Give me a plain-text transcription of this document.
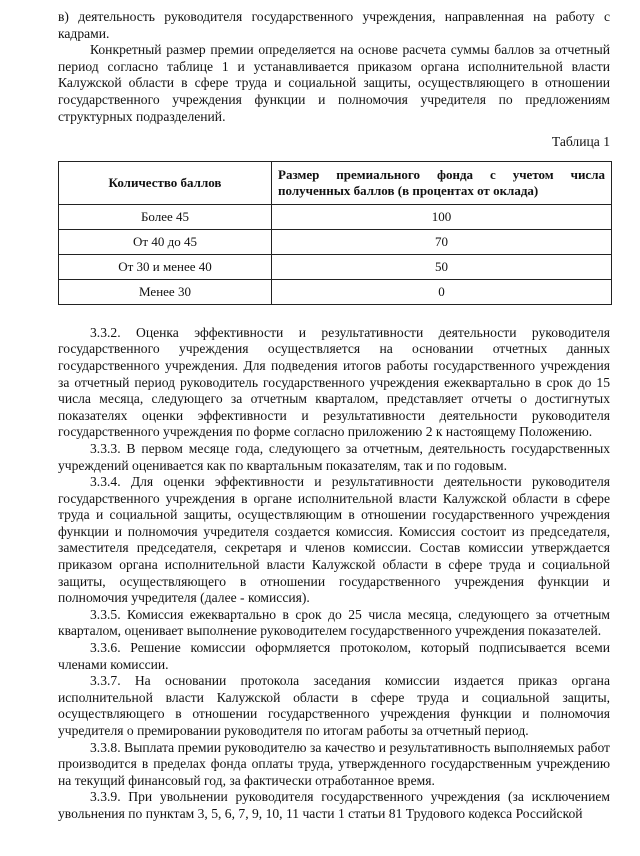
в) деятельность руководителя государственного учреждения, направленная на работу с кадрами.

Конкретный размер премии определяется на основе расчета суммы баллов за отчетный период согласно таблице 1 и устанавливается приказом органа исполнительной власти Калужской области в сфере труда и социальной защиты, осуществляющего в отношении государственного учреждения функции и полномочия учредителя по предложениям структурных подразделений.

Таблица 1

Количество баллов	Размер премиального фонда с учетом числа полученных баллов (в процентах от оклада)
Более 45	100
От 40 до 45	70
От 30 и менее 40	50
Менее 30	0

3.3.2. Оценка эффективности и результативности деятельности руководителя государственного учреждения осуществляется на основании отчетных данных государственного учреждения. Для подведения итогов работы государственного учреждения за отчетный период руководитель государственного учреждения ежеквартально в срок до 15 числа месяца, следующего за отчетным кварталом, представляет отчеты о достигнутых показателях оценки эффективности и результативности деятельности руководителя государственного учреждения по форме согласно приложению 2 к настоящему Положению.

3.3.3. В первом месяце года, следующего за отчетным, деятельность государственных учреждений оценивается как по квартальным показателям, так и по годовым.

3.3.4. Для оценки эффективности и результативности деятельности руководителя государственного учреждения в органе исполнительной власти Калужской области в сфере труда и социальной защиты, осуществляющим в отношении государственного учреждения функции и полномочия учредителя создается комиссия. Комиссия состоит из председателя, заместителя председателя, секретаря и членов комиссии. Состав комиссии утверждается приказом органа исполнительной власти Калужской области в сфере труда и социальной защиты, осуществляющего в отношении государственного учреждения функции и полномочия учредителя (далее - комиссия).

3.3.5. Комиссия ежеквартально в срок до 25 числа месяца, следующего за отчетным кварталом, оценивает выполнение руководителем государственного учреждения показателей.

3.3.6. Решение комиссии оформляется протоколом, который подписывается всеми членами комиссии.

3.3.7. На основании протокола заседания комиссии издается приказ органа исполнительной власти Калужской области в сфере труда и социальной защиты, осуществляющего в отношении государственного учреждения функции и полномочия учредителя о премировании руководителя по итогам работы за отчетный период.

3.3.8. Выплата премии руководителю за качество и результативность выполняемых работ производится в пределах фонда оплаты труда, утвержденного государственным учреждению на текущий финансовый год, за фактически отработанное время.

3.3.9. При увольнении руководителя государственного учреждения (за исключением увольнения по пунктам 3, 5, 6, 7, 9, 10, 11 части 1 статьи 81 Трудового кодекса Российской
